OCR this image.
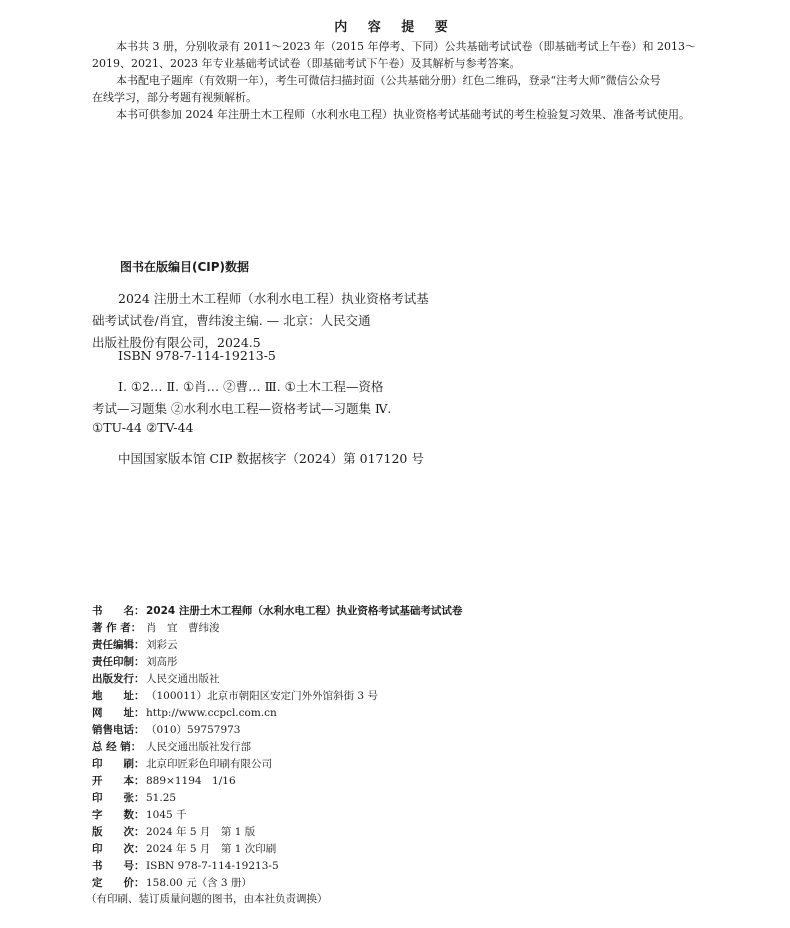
内 容 提 要
本书共 3 册，分别收录有 2011～2023 年（2015 年停考、下同）公共基础考试试卷（即基础考试上午卷）和 2013～
2019、2021、2023 年专业基础考试试卷（即基础考试下午卷）及其解析与参考答案。
本书配电子题库（有效期一年），考生可微信扫描封面（公共基础分册）红色二维码，登录“注考大师”微信公众号
在线学习，部分考题有视频解析。
本书可供参加 2024 年注册土木工程师（水利水电工程）执业资格考试基础考试的考生检验复习效果、准备考试使用。
图书在版编目(CIP)数据
2024 注册土木工程师（水利水电工程）执业资格考试基
础考试试卷/肖宜，曹纬浚主编. — 北京：人民交通
出版社股份有限公司，2024.5
ISBN 978-7-114-19213-5
Ⅰ. ①2… Ⅱ. ①肖… ②曹… Ⅲ. ①土木工程—资格
考试—习题集 ②水利水电工程—资格考试—习题集 Ⅳ.
①TU-44 ②TV-44
中国国家版本馆 CIP 数据核字（2024）第 017120 号
书　　名： 2024 注册土木工程师（水利水电工程）执业资格考试基础考试试卷
著 作 者： 肖　宜　曹纬浚
责任编辑： 刘彩云
责任印制： 刘高彤
出版发行： 人民交通出版社
地　　址： （100011）北京市朝阳区安定门外外馆斜街 3 号
网　　址： http://www.ccpcl.com.cn
销售电话： （010）59757973
总 经 销： 人民交通出版社发行部
印　　刷： 北京印匠彩色印刷有限公司
开　　本： 889×1194　1/16
印　　张： 51.25
字　　数： 1045 千
版　　次： 2024 年 5 月　第 1 版
印　　次： 2024 年 5 月　第 1 次印刷
书　　号： ISBN 978-7-114-19213-5
定　　价： 158.00 元（含 3 册）
（有印刷、装订质量问题的图书，由本社负责调换）
